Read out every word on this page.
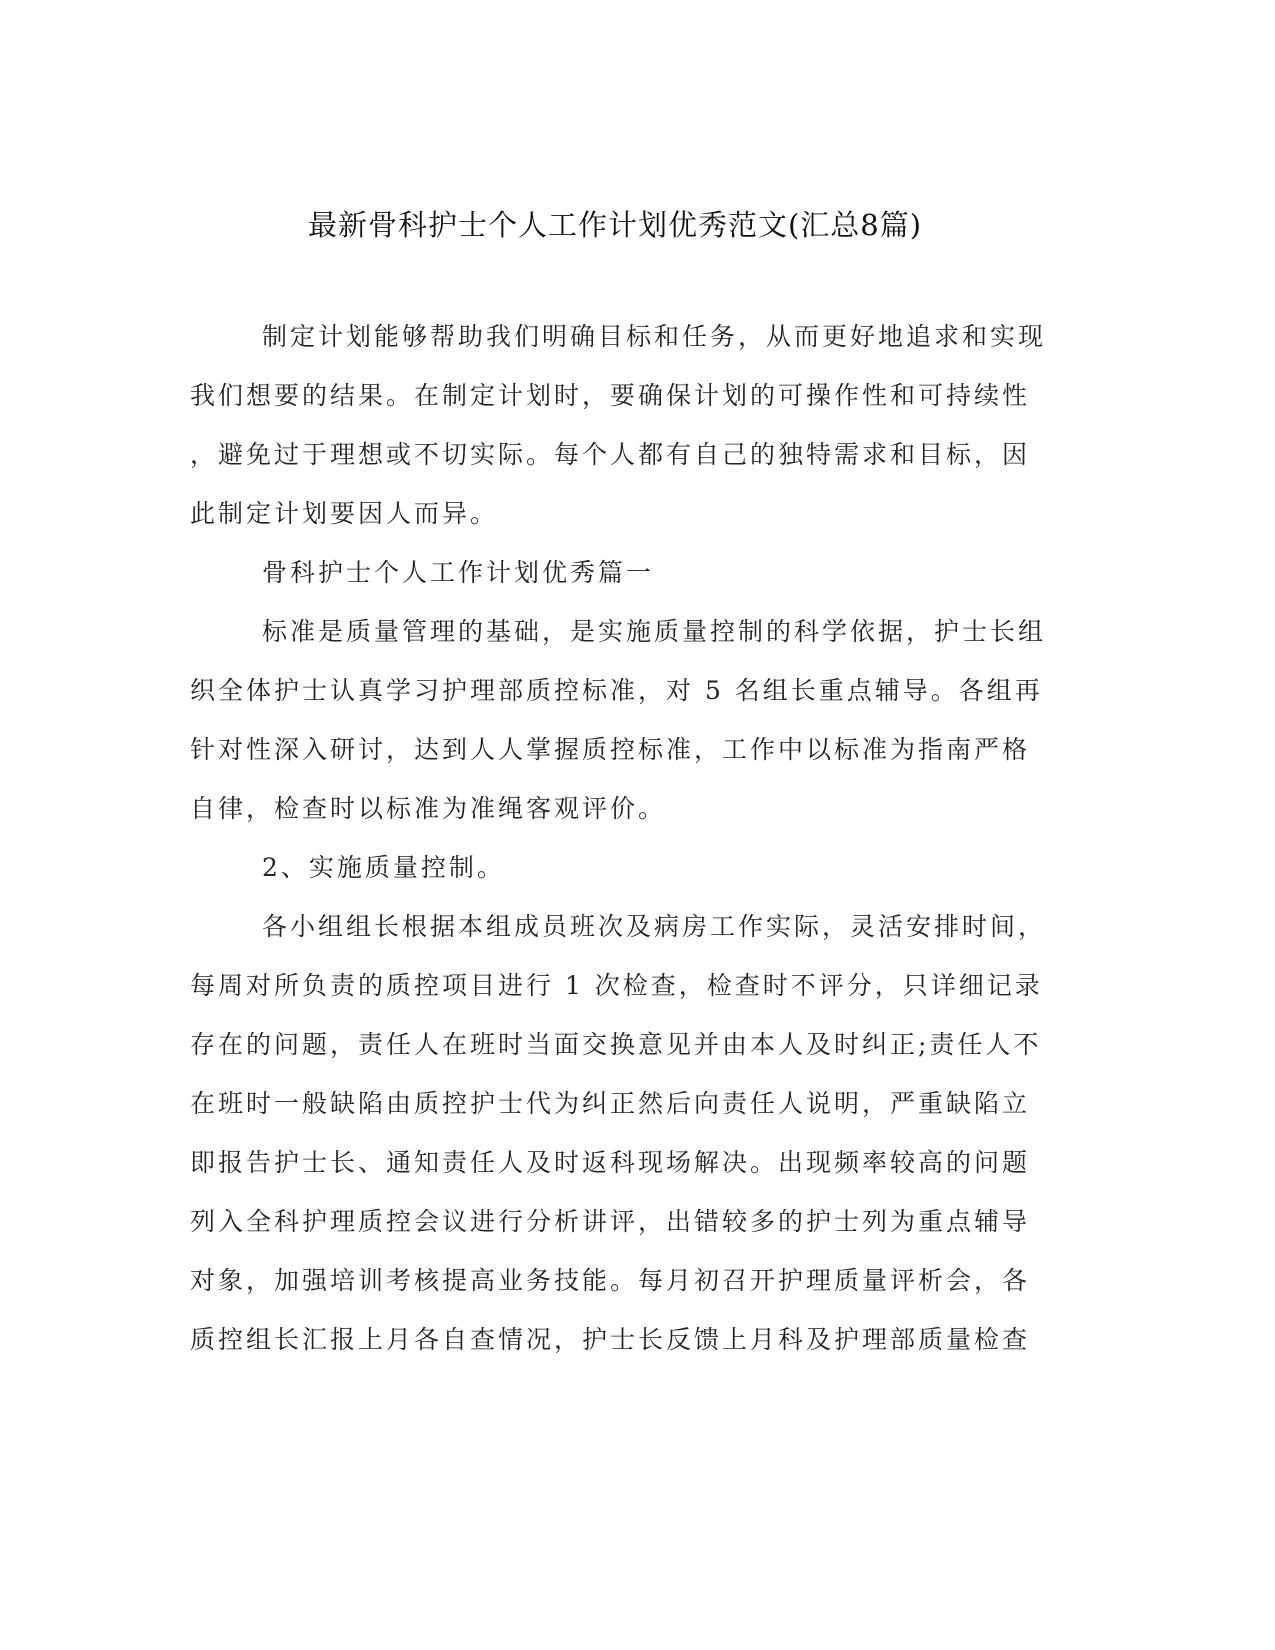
最新骨科护士个人工作计划优秀范文(汇总8篇)
制定计划能够帮助我们明确目标和任务，从而更好地追求和实现
我们想要的结果。在制定计划时，要确保计划的可操作性和可持续性
，避免过于理想或不切实际。每个人都有自己的独特需求和目标，因
此制定计划要因人而异。
骨科护士个人工作计划优秀篇一
标准是质量管理的基础，是实施质量控制的科学依据，护士长组
织全体护士认真学习护理部质控标准，对 5 名组长重点辅导。各组再
针对性深入研讨，达到人人掌握质控标准，工作中以标准为指南严格
自律，检查时以标准为准绳客观评价。
2、实施质量控制。
各小组组长根据本组成员班次及病房工作实际，灵活安排时间，
每周对所负责的质控项目进行 1 次检查，检查时不评分，只详细记录
存在的问题，责任人在班时当面交换意见并由本人及时纠正;责任人不
在班时一般缺陷由质控护士代为纠正然后向责任人说明，严重缺陷立
即报告护士长、通知责任人及时返科现场解决。出现频率较高的问题
列入全科护理质控会议进行分析讲评，出错较多的护士列为重点辅导
对象，加强培训考核提高业务技能。每月初召开护理质量评析会，各
质控组长汇报上月各自查情况，护士长反馈上月科及护理部质量检查
